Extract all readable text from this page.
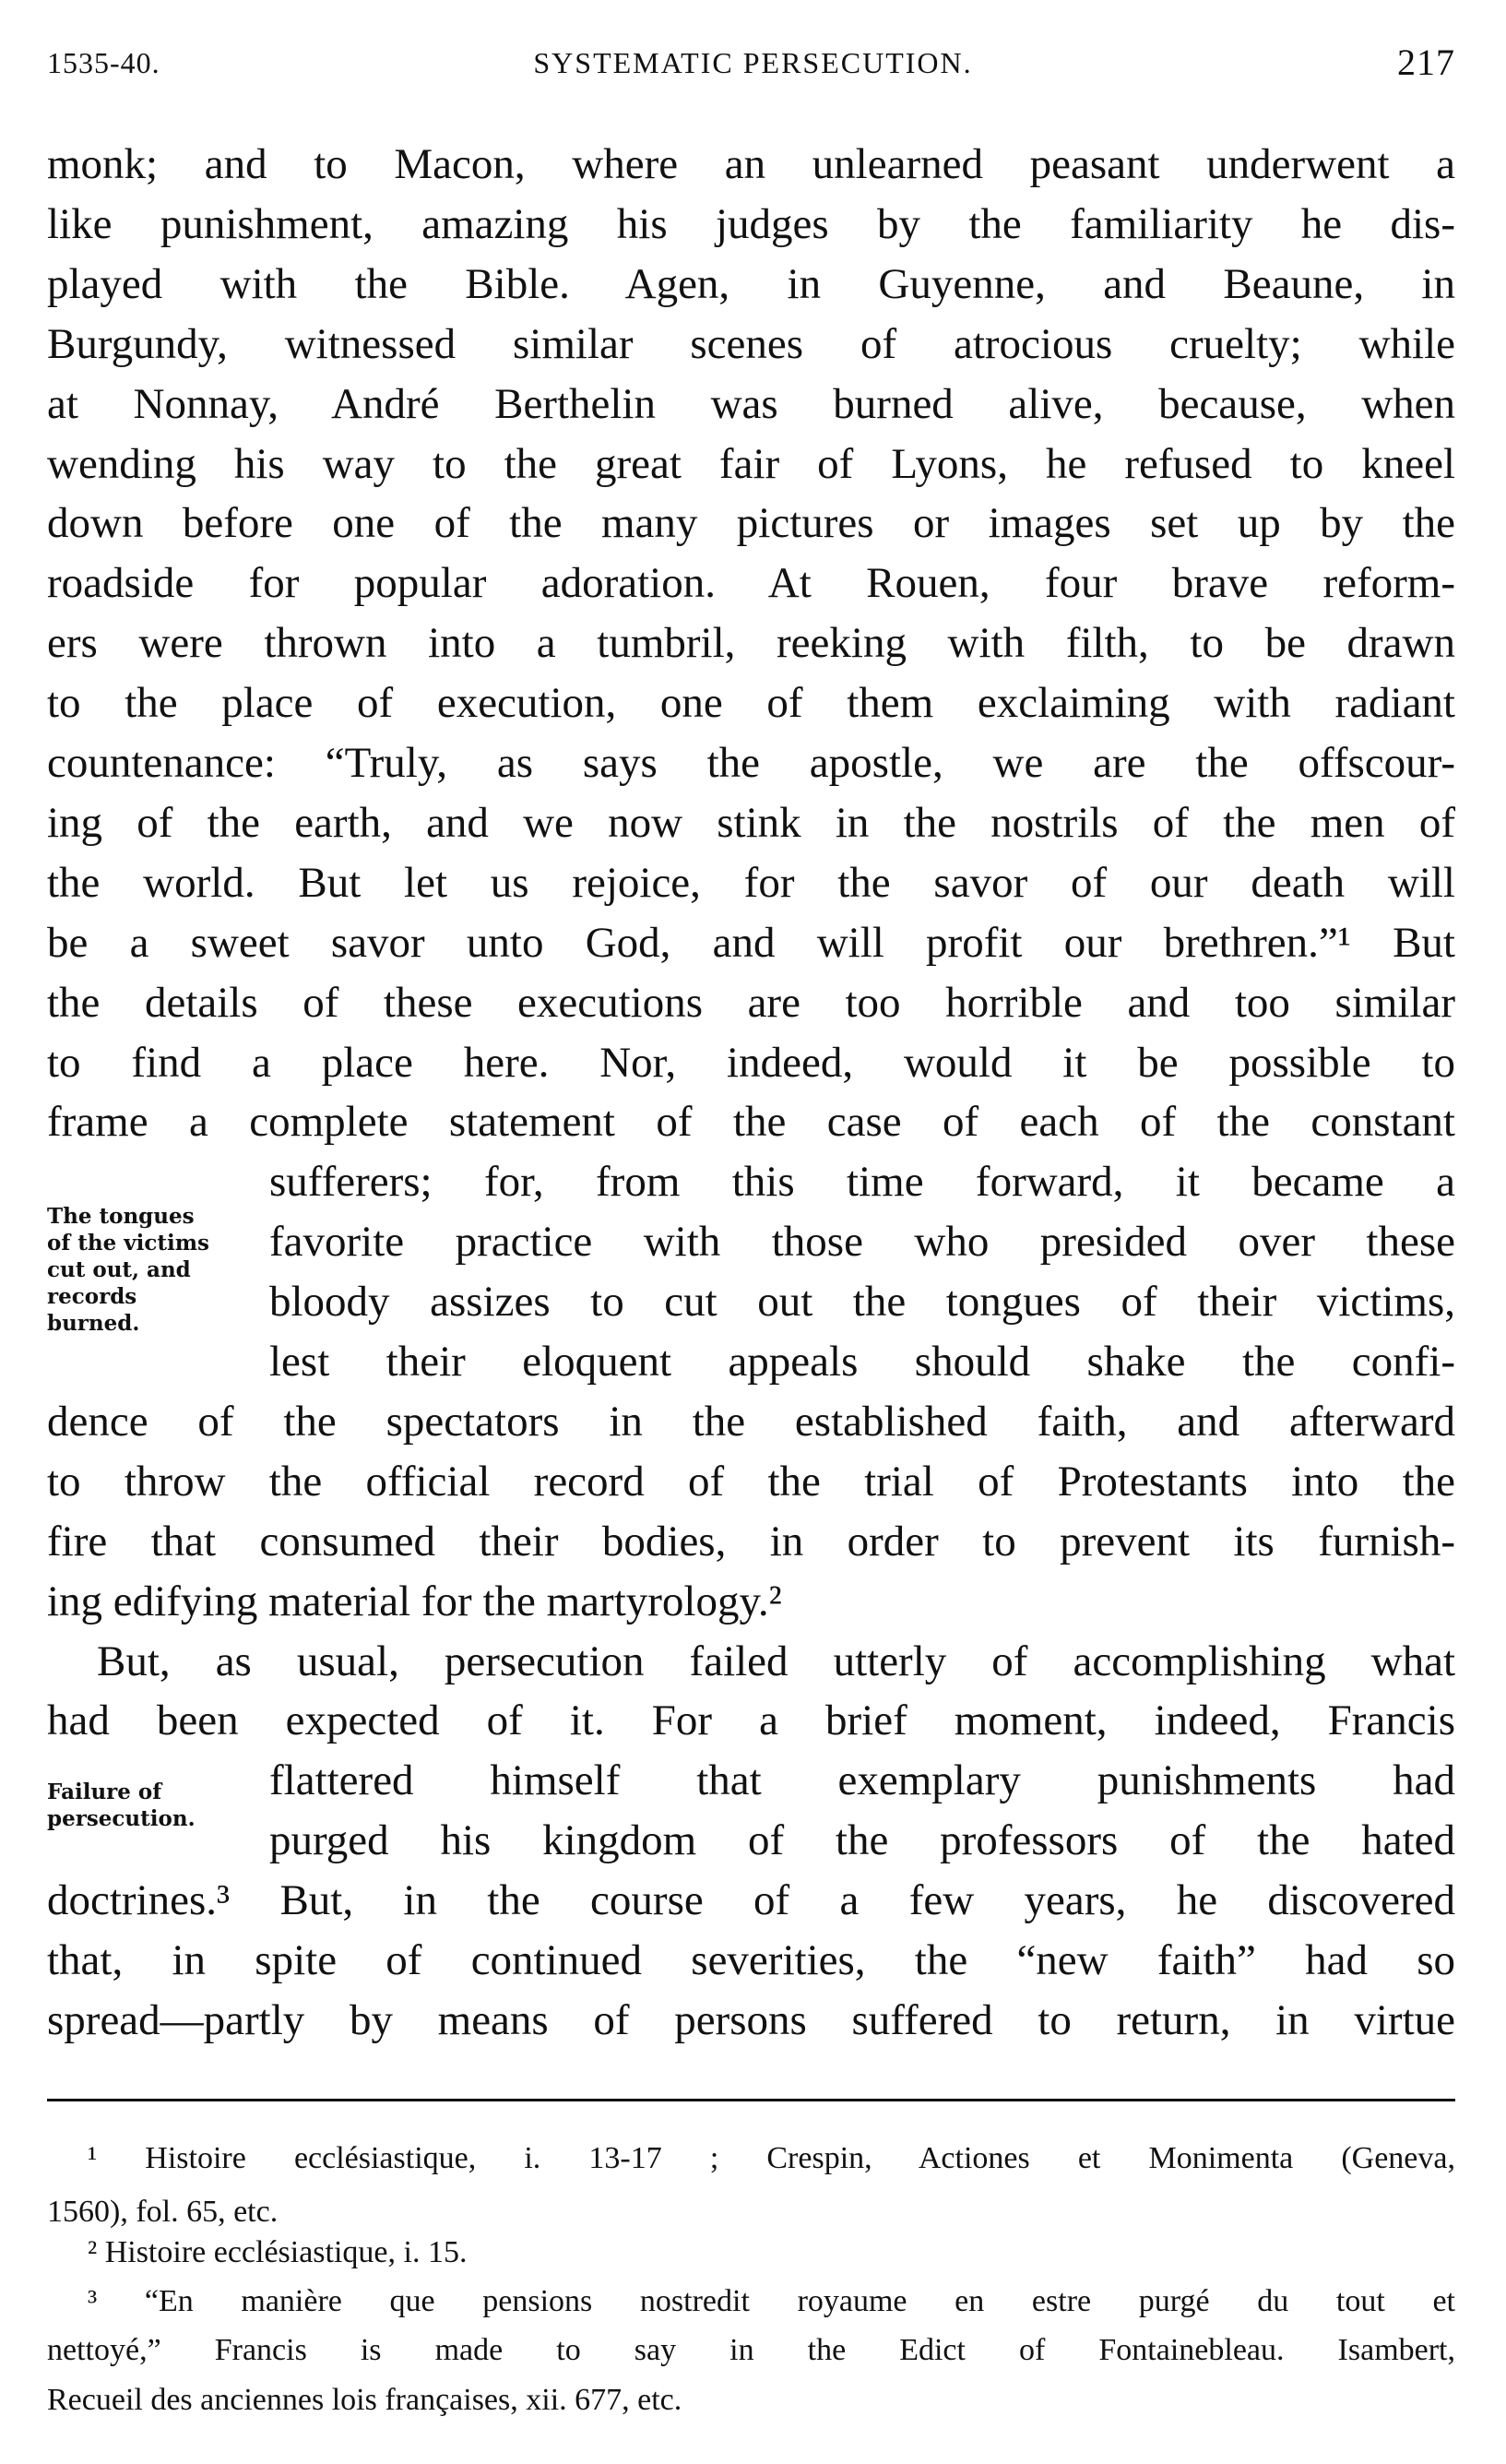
1535-40.	SYSTEMATIC PERSECUTION.	217
monk; and to Macon, where an unlearned peasant underwent a
like punishment, amazing his judges by the familiarity he dis-
played with the Bible. Agen, in Guyenne, and Beaune, in
Burgundy, witnessed similar scenes of atrocious cruelty; while
at Nonnay, André Berthelin was burned alive, because, when
wending his way to the great fair of Lyons, he refused to kneel
down before one of the many pictures or images set up by the
roadside for popular adoration. At Rouen, four brave reform-
ers were thrown into a tumbril, reeking with filth, to be drawn
to the place of execution, one of them exclaiming with radiant
countenance: “Truly, as says the apostle, we are the offscour-
ing of the earth, and we now stink in the nostrils of the men of
the world. But let us rejoice, for the savor of our death will
be a sweet savor unto God, and will profit our brethren.”¹ But
the details of these executions are too horrible and too similar
to find a place here. Nor, indeed, would it be possible to
frame a complete statement of the case of each of the constant
sufferers; for, from this time forward, it became a
favorite practice with those who presided over these
bloody assizes to cut out the tongues of their victims,
lest their eloquent appeals should shake the confi-
dence of the spectators in the established faith, and afterward
to throw the official record of the trial of Protestants into the
fire that consumed their bodies, in order to prevent its furnish-
ing edifying material for the martyrology.²
But, as usual, persecution failed utterly of accomplishing what
had been expected of it. For a brief moment, indeed, Francis
flattered himself that exemplary punishments had
purged his kingdom of the professors of the hated
doctrines.³ But, in the course of a few years, he discovered
that, in spite of continued severities, the “new faith” had so
spread—partly by means of persons suffered to return, in virtue
The tongues
of the victims
cut out, and
records
burned.
Failure of
persecution.
¹ Histoire ecclésiastique, i. 13-17 ; Crespin, Actiones et Monimenta (Geneva,
1560), fol. 65, etc.
² Histoire ecclésiastique, i. 15.
³ “En manière que pensions nostredit royaume en estre purgé du tout et
nettoyé,” Francis is made to say in the Edict of Fontainebleau. Isambert,
Recueil des anciennes lois françaises, xii. 677, etc.
